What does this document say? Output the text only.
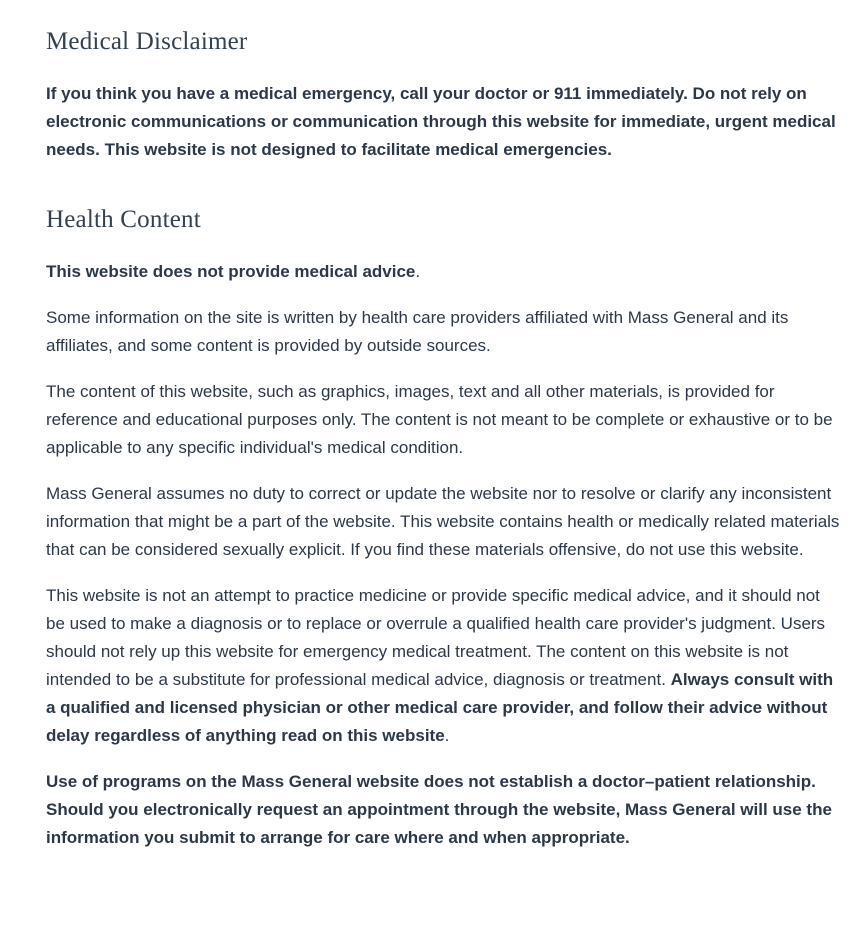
Medical Disclaimer

If you think you have a medical emergency, call your doctor or 911 immediately. Do not rely on electronic communications or communication through this website for immediate, urgent medical needs. This website is not designed to facilitate medical emergencies.

Health Content

This website does not provide medical advice.

Some information on the site is written by health care providers affiliated with Mass General and its affiliates, and some content is provided by outside sources.

The content of this website, such as graphics, images, text and all other materials, is provided for reference and educational purposes only. The content is not meant to be complete or exhaustive or to be applicable to any specific individual's medical condition.

Mass General assumes no duty to correct or update the website nor to resolve or clarify any inconsistent information that might be a part of the website. This website contains health or medically related materials that can be considered sexually explicit. If you find these materials offensive, do not use this website.

This website is not an attempt to practice medicine or provide specific medical advice, and it should not be used to make a diagnosis or to replace or overrule a qualified health care provider's judgment. Users should not rely up this website for emergency medical treatment. The content on this website is not intended to be a substitute for professional medical advice, diagnosis or treatment. Always consult with a qualified and licensed physician or other medical care provider, and follow their advice without delay regardless of anything read on this website.

Use of programs on the Mass General website does not establish a doctor–patient relationship. Should you electronically request an appointment through the website, Mass General will use the information you submit to arrange for care where and when appropriate.
